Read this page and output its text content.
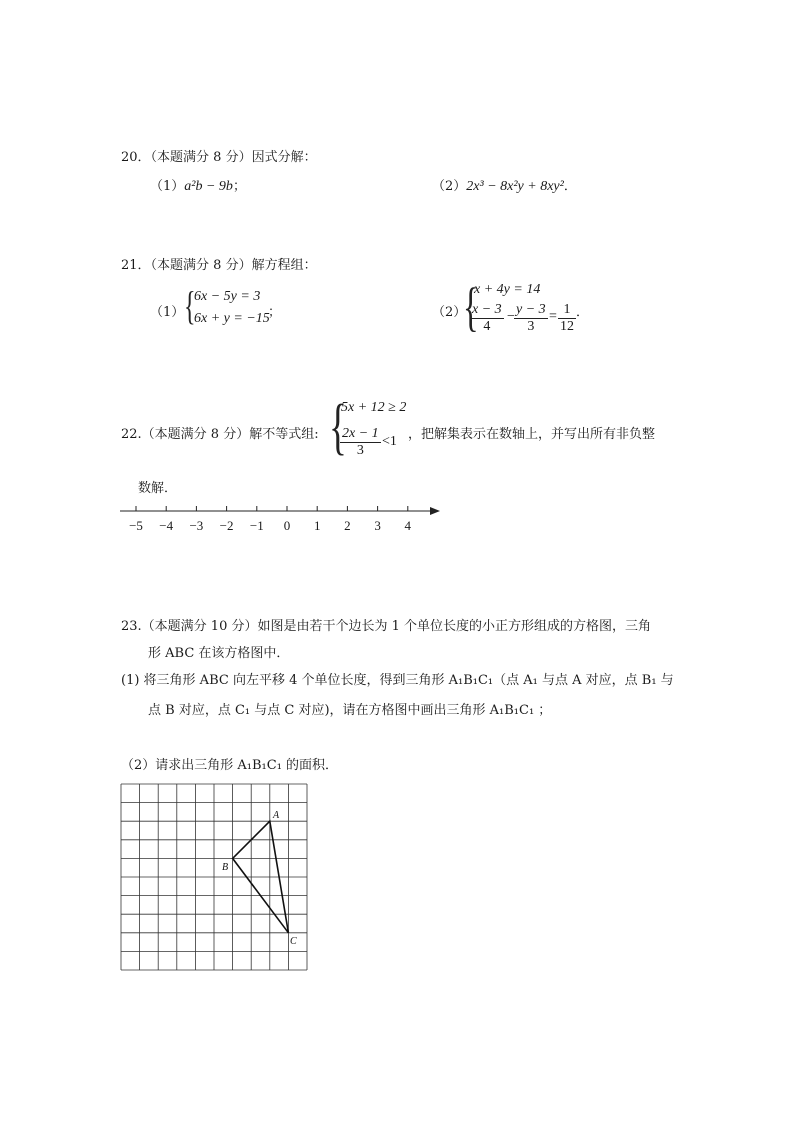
20．（本题满分 8 分）因式分解：
（1）a²b − 9b；	（2）2x³ − 8x²y + 8xy²．
21．（本题满分 8 分）解方程组：
（1） {
6x − 5y = 3
6x + y = −15
；	（2）
{
x + 4y = 14
x − 3
4
− y − 3
3
= 1
12
．
22.（本题满分 8 分）解不等式组: {
5x + 12 ≥ 2
2x − 1
3
<1 ，把解集表示在数轴上，并写出所有非负整
数解．
−5 −4 −3 −2 −1 0 1 2 3 4
23.（本题满分 10 分）如图是由若干个边长为 1 个单位长度的小正方形组成的方格图，三角
形 ABC 在该方格图中．
(1) 将三角形 ABC 向左平移 4 个单位长度，得到三角形 A₁B₁C₁（点 A₁ 与点 A 对应，点 B₁ 与
点 B 对应，点 C₁ 与点 C 对应)，请在方格图中画出三角形 A₁B₁C₁ ；
（2）请求出三角形 A₁B₁C₁ 的面积．
A
B
C
